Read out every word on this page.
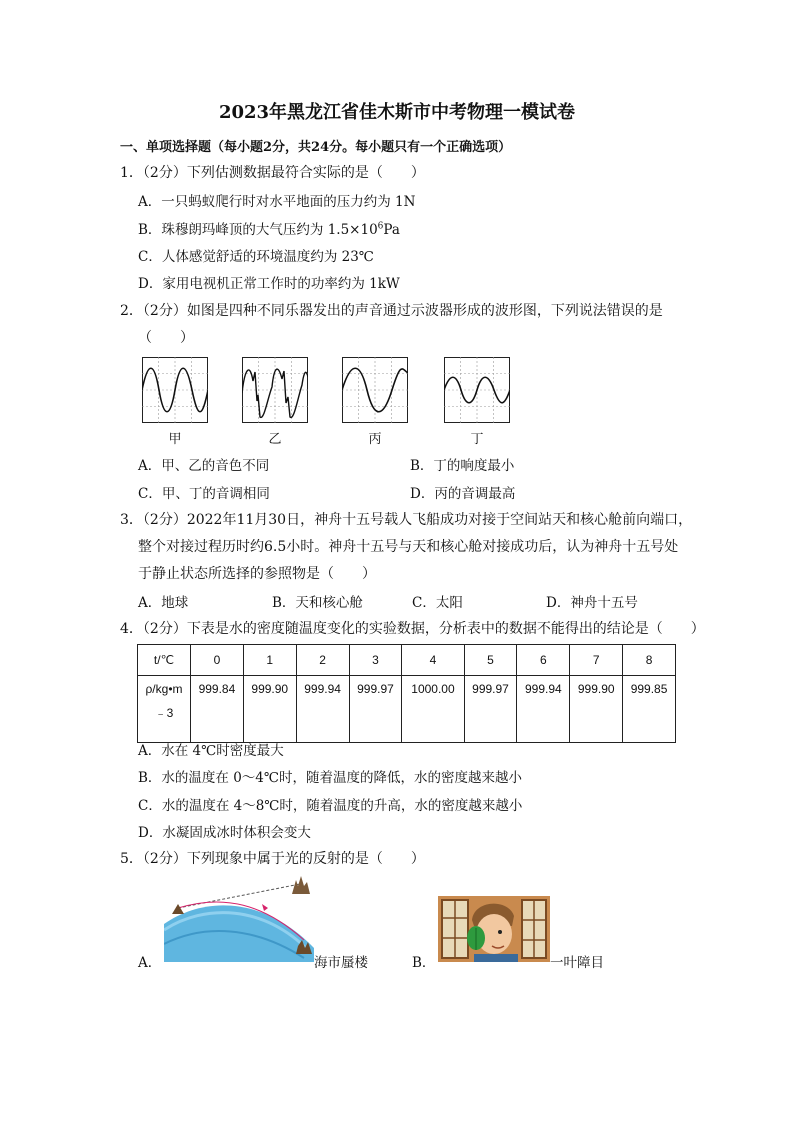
2023年黑龙江省佳木斯市中考物理一模试卷
一、单项选择题（每小题2分，共24分。每小题只有一个正确选项）
1．（2分）下列估测数据最符合实际的是（　　）
A．一只蚂蚁爬行时对水平地面的压力约为 1N
B．珠穆朗玛峰顶的大气压约为 $1.5\times 10^6Pa$
C．人体感觉舒适的环境温度约为 23℃
D．家用电视机正常工作时的功率约为 1kW
2．（2分）如图是四种不同乐器发出的声音通过示波器形成的波形图，下列说法错误的是
（　　）
甲	乙	丙	丁
A．甲、乙的音色不同	B．丁的响度最小
C．甲、丁的音调相同	D．丙的音调最高
3．（2分）2022年11月30日，神舟十五号载人飞船成功对接于空间站天和核心舱前向端口，
整个对接过程历时约6.5小时。神舟十五号与天和核心舱对接成功后，认为神舟十五号处
于静止状态所选择的参照物是（　　）
A．地球	B．天和核心舱	C．太阳	D．神舟十五号
4．（2分）下表是水的密度随温度变化的实验数据，分析表中的数据不能得出的结论是（　　）
t/℃	0	1	2	3	4	5	6	7	8

ρ/kg•m
﹣3	999.84	999.90	999.94	999.97	1000.00	999.97	999.94	999.90	999.85
A．水在 4℃时密度最大
B．水的温度在 0～4℃时，随着温度的降低，水的密度越来越小
C．水的温度在 4～8℃时，随着温度的升高，水的密度越来越小
D．水凝固成冰时体积会变大
5．（2分）下列现象中属于光的反射的是（　　）
A．	海市蜃楼	B．	一叶障目
